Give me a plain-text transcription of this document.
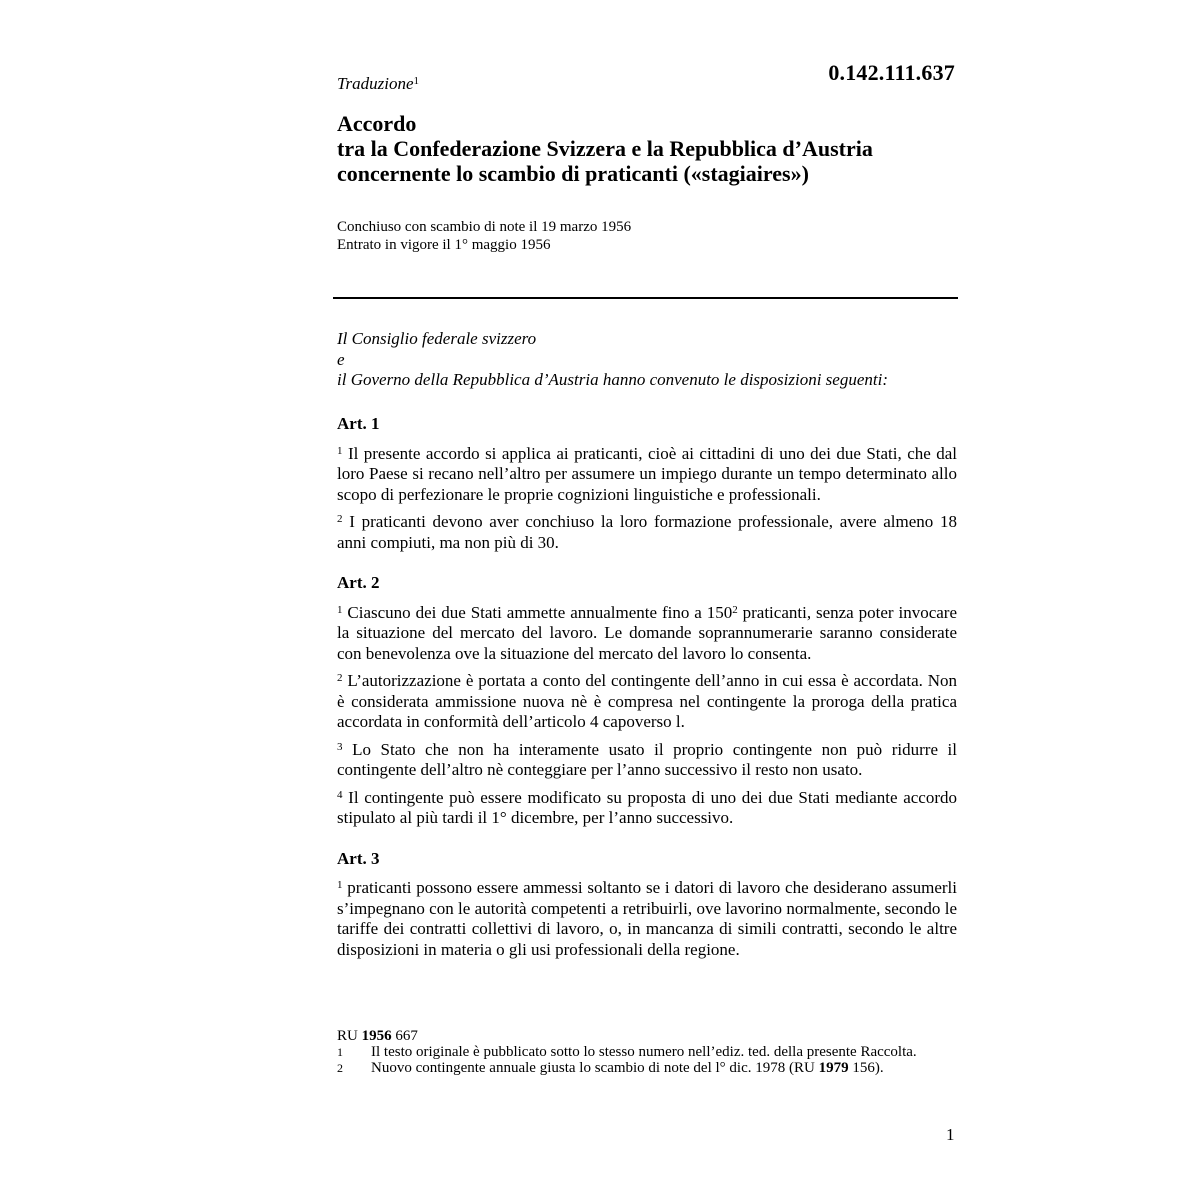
Traduzione$^1$	0.142.111.637
Accordo
tra la Confederazione Svizzera e la Repubblica d’Austria
concernente lo scambio di praticanti («stagiaires»)
Conchiuso con scambio di note il 19 marzo 1956
Entrato in vigore il 1° maggio 1956
Il Consiglio federale svizzero
e
il Governo della Repubblica d’Austria hanno convenuto le disposizioni seguenti:
Art. 1

$^1$ Il presente accordo si applica ai praticanti, cioè ai cittadini di uno dei due Stati, che dal loro Paese si recano nell’altro per assumere un impiego durante un tempo determinato allo scopo di perfezionare le proprie cognizioni linguistiche e professionali.

$^2$ I praticanti devono aver conchiuso la loro formazione professionale, avere almeno 18 anni compiuti, ma non più di 30.

Art. 2

$^1$ Ciascuno dei due Stati ammette annualmente fino a $150^2$ praticanti, senza poter invocare la situazione del mercato del lavoro. Le domande soprannumerarie saranno considerate con benevolenza ove la situazione del mercato del lavoro lo consenta.

$^2$ L’autorizzazione è portata a conto del contingente dell’anno in cui essa è accordata. Non è considerata ammissione nuova nè è compresa nel contingente la proroga della pratica accordata in conformità dell’articolo 4 capoverso l.

$^3$ Lo Stato che non ha interamente usato il proprio contingente non può ridurre il contingente dell’altro nè conteggiare per l’anno successivo il resto non usato.

$^4$ Il contingente può essere modificato su proposta di uno dei due Stati mediante accordo stipulato al più tardi il 1° dicembre, per l’anno successivo.

Art. 3

$^1$ praticanti possono essere ammessi soltanto se i datori di lavoro che desiderano assumerli s’impegnano con le autorità competenti a retribuirli, ove lavorino normalmente, secondo le tariffe dei contratti collettivi di lavoro, o, in mancanza di simili contratti, secondo le altre disposizioni in materia o gli usi professionali della regione.

RU 1956 667
1	Il testo originale è pubblicato sotto lo stesso numero nell’ediz. ted. della presente Raccolta.
2	Nuovo contingente annuale giusta lo scambio di note del l° dic. 1978 (RU 1979 156).
1
